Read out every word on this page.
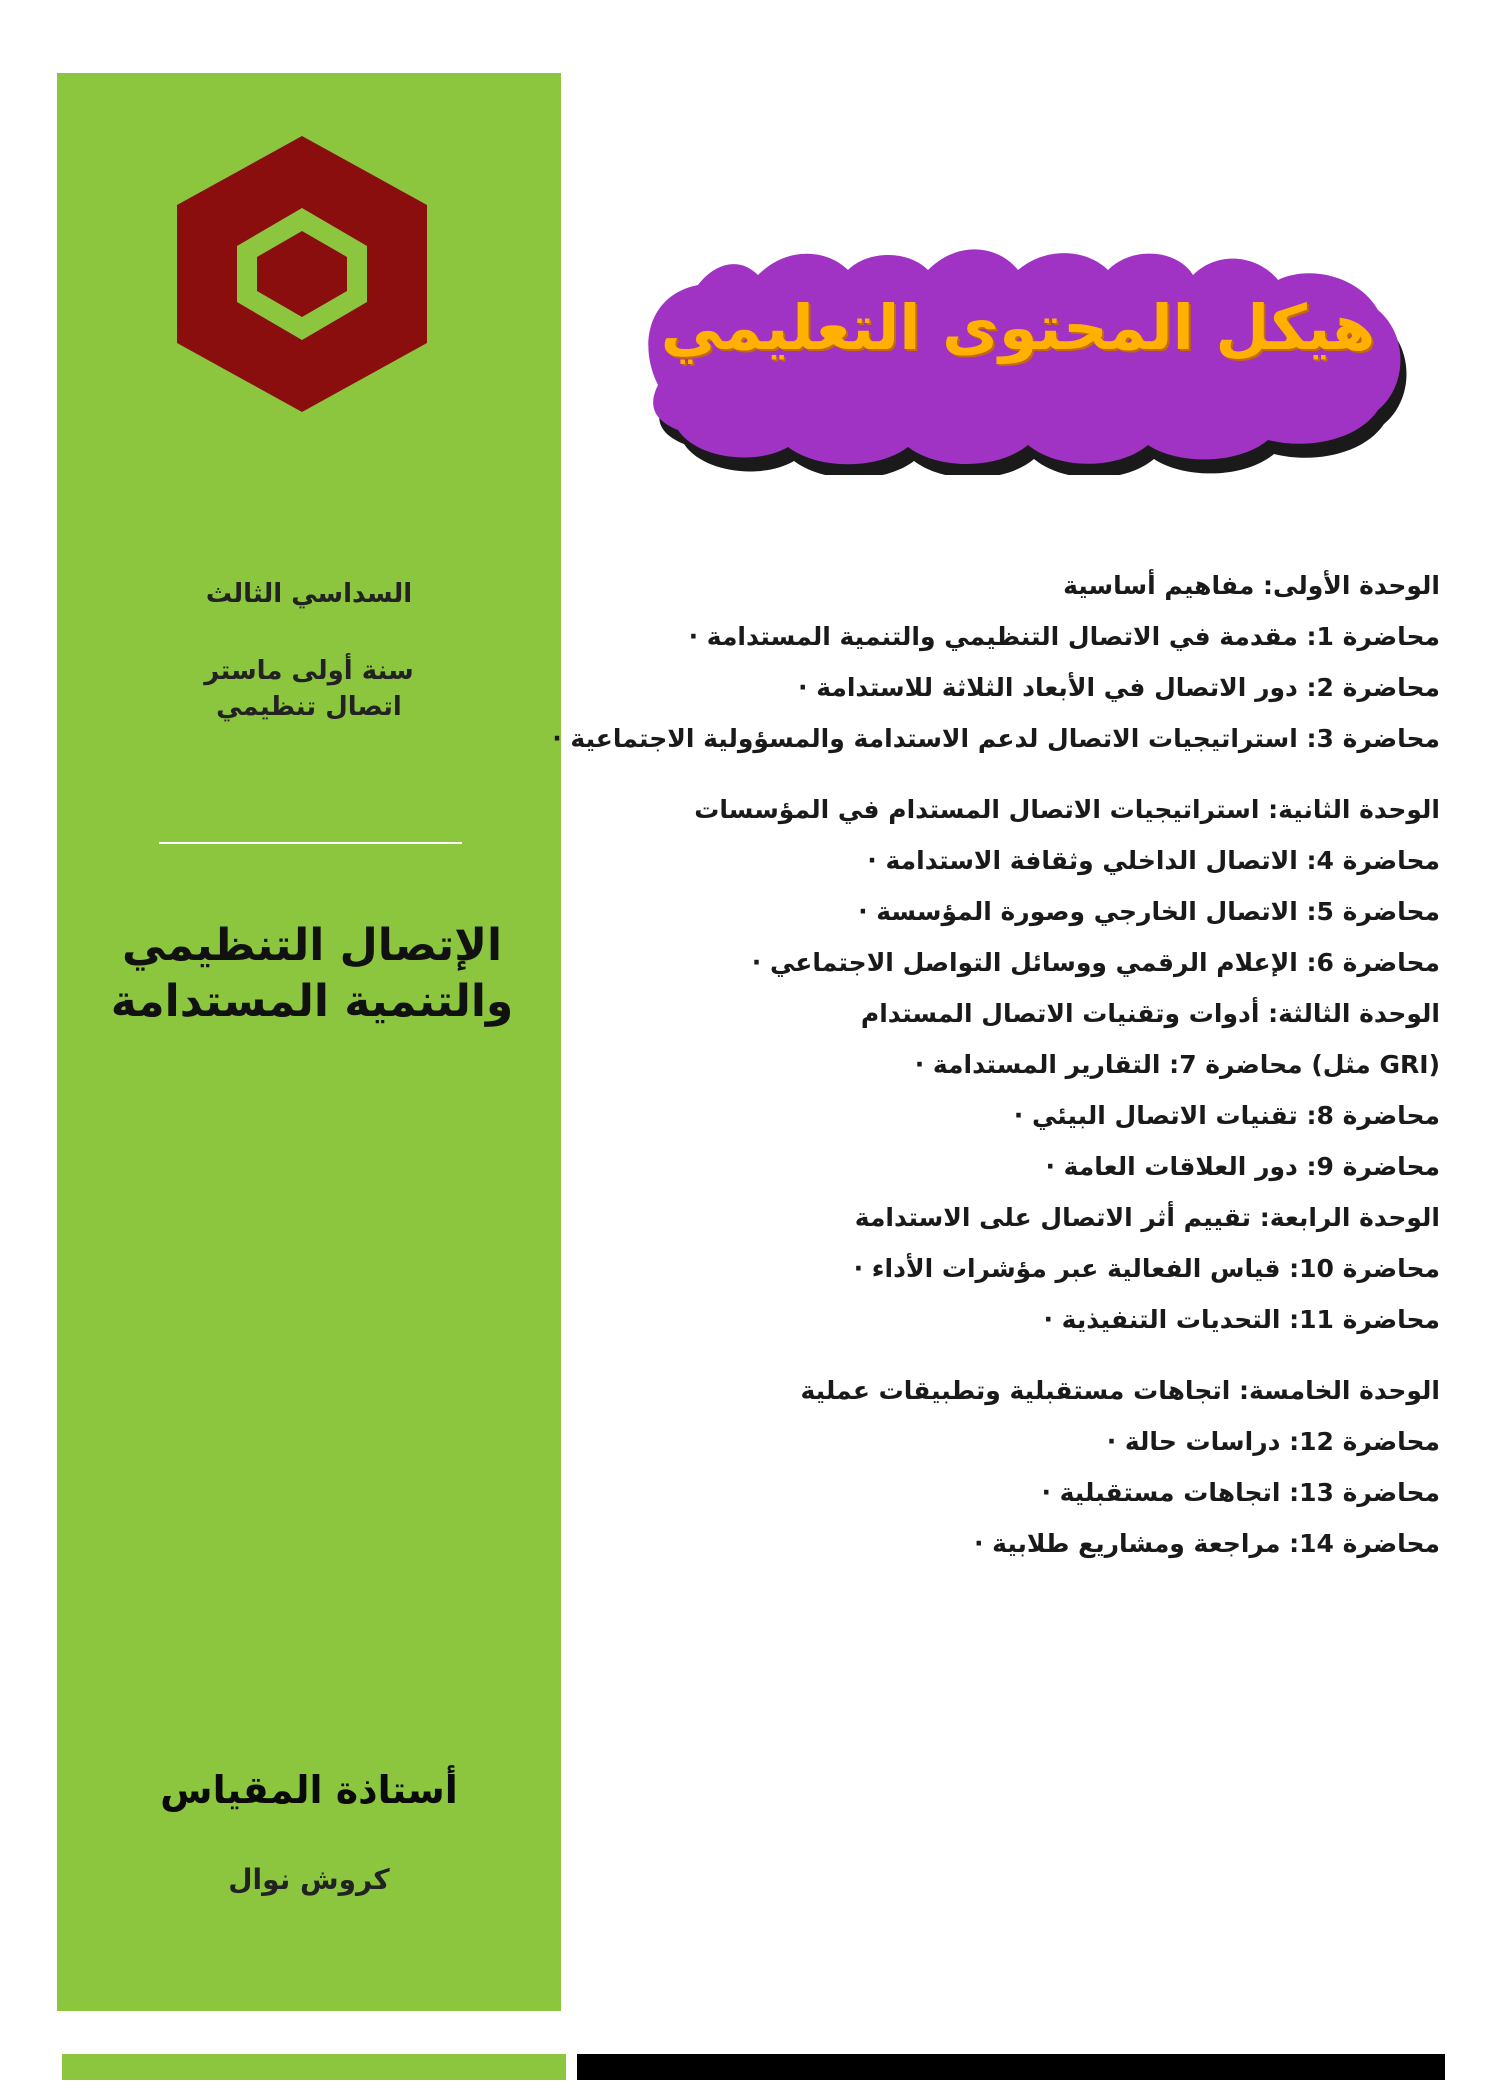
السداسي الثالث
سنة أولى ماستر
اتصال تنظيمي
الإتصال التنظيمي
والتنمية المستدامة
أستاذة المقياس
كروش نوال
هيكل المحتوى التعليمي
الوحدة الأولى: مفاهيم أساسية
محاضرة 1: مقدمة في الاتصال التنظيمي والتنمية المستدامة ·
محاضرة 2: دور الاتصال في الأبعاد الثلاثة للاستدامة ·
محاضرة 3: استراتيجيات الاتصال لدعم الاستدامة والمسؤولية الاجتماعية ·
الوحدة الثانية: استراتيجيات الاتصال المستدام في المؤسسات
محاضرة 4: الاتصال الداخلي وثقافة الاستدامة ·
محاضرة 5: الاتصال الخارجي وصورة المؤسسة ·
محاضرة 6: الإعلام الرقمي ووسائل التواصل الاجتماعي ·
الوحدة الثالثة: أدوات وتقنيات الاتصال المستدام
(GRI مثل) محاضرة 7: التقارير المستدامة ·
محاضرة 8: تقنيات الاتصال البيئي ·
محاضرة 9: دور العلاقات العامة ·
الوحدة الرابعة: تقييم أثر الاتصال على الاستدامة
محاضرة 10: قياس الفعالية عبر مؤشرات الأداء ·
محاضرة 11: التحديات التنفيذية ·
الوحدة الخامسة: اتجاهات مستقبلية وتطبيقات عملية
محاضرة 12: دراسات حالة ·
محاضرة 13: اتجاهات مستقبلية ·
محاضرة 14: مراجعة ومشاريع طلابية ·
